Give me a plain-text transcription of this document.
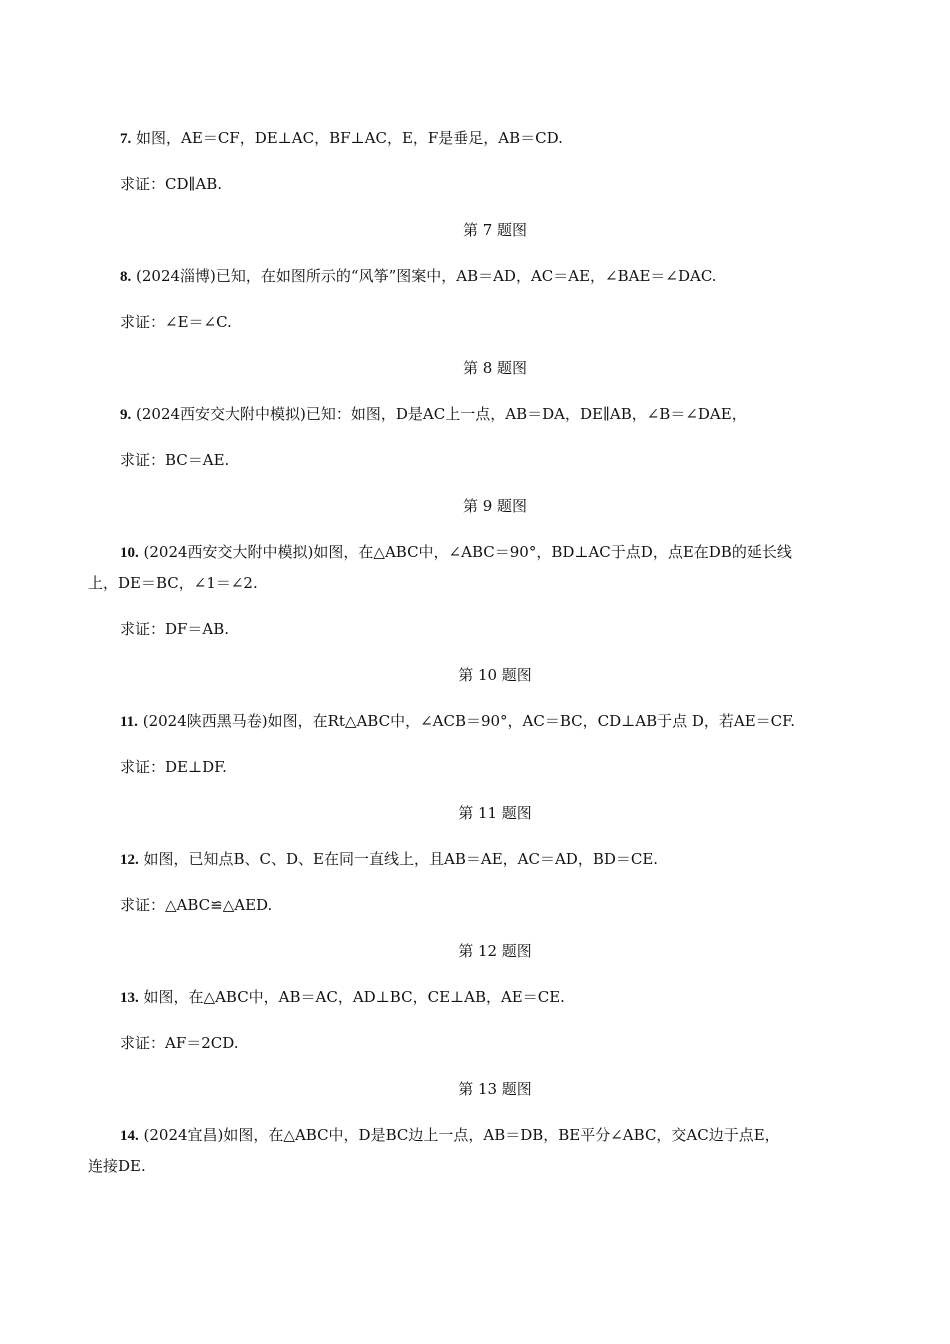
7. 如图，AE＝CF，DE⊥AC，BF⊥AC，E，F是垂足，AB＝CD.
求证：CD∥AB.
第 7 题图
8. (2024淄博)已知，在如图所示的“风筝”图案中，AB＝AD，AC＝AE，∠BAE＝∠DAC.
求证：∠E＝∠C.
第 8 题图
9. (2024西安交大附中模拟)已知：如图，D是AC上一点，AB＝DA，DE∥AB，∠B＝∠DAE，
求证：BC＝AE.
第 9 题图
10. (2024西安交大附中模拟)如图，在△ABC中，∠ABC＝90°，BD⊥AC于点D，点E在DB的延长线
上，DE＝BC，∠1＝∠2.
求证：DF＝AB.
第 10 题图
11. (2024陕西黑马卷)如图，在Rt△ABC中，∠ACB＝90°，AC＝BC，CD⊥AB于点 D，若AE＝CF.
求证：DE⊥DF.
第 11 题图
12. 如图，已知点B、C、D、E在同一直线上，且AB＝AE，AC＝AD，BD＝CE.
求证：△ABC≌△AED.
第 12 题图
13. 如图，在△ABC中，AB＝AC，AD⊥BC，CE⊥AB，AE＝CE.
求证：AF＝2CD.
第 13 题图
14. (2024宜昌)如图，在△ABC中，D是BC边上一点，AB＝DB，BE平分∠ABC，交AC边于点E，
连接DE.
